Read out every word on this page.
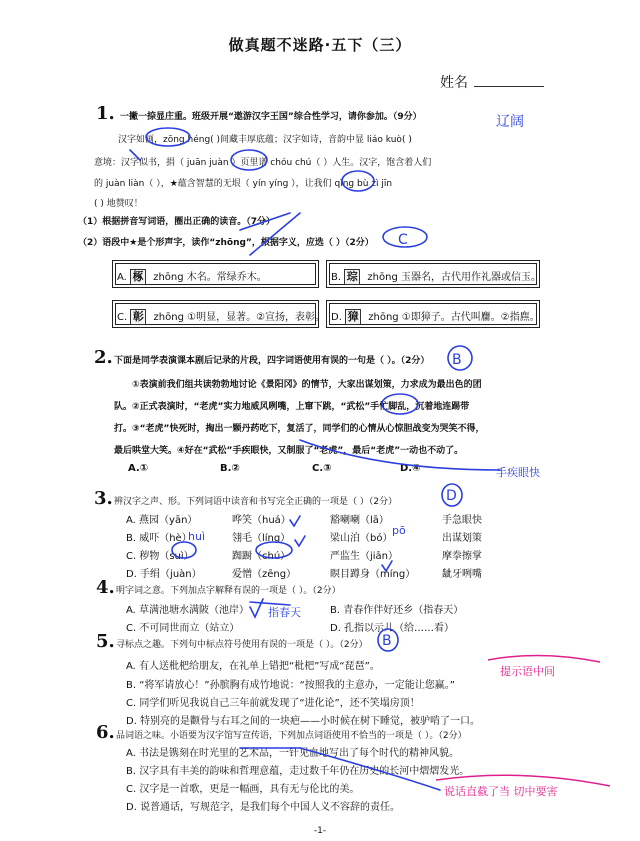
做真题不迷路·五下（三）
姓名
1. 一撇一捺显庄重。班级开展“遨游汉字王国”综合性学习，请你参加。（9分）
汉字如画，zōng héng( )间藏丰厚底蕴；汉字如诗，音韵中显 liáo kuò( )
意境：汉字似书，捐（ juān juàn ）页里谱 chóu chú（ ）人生。汉字，饱含着人们
的 juàn liàn（ ），★蕴含智慧的无垠（ yín yíng ），让我们 qīng bù zì jīn
( ) 地赞叹！
（1）根据拼音写词语，圈出正确的读音。（7分）
（2）语段中★是个形声字，读作“zhōng”，根据字义，应选（ ）（2分）
A. 椓 zhōng 木名。常绿乔木。	B. 琮 zhōng 玉器名，古代用作礼器或信玉。
C. 彰 zhōng ①明显，显著。②宣扬，表彰。 D. 獐 zhōng ①即獐子。古代叫麕。②指麃。
2. 下面是同学表演课本剧后记录的片段，四字词语使用有误的一句是（ ）。（2分）
①表演前我们组共读勃勃地讨论《景阳冈》的情节，大家出谋划策，力求成为最出色的团
队。②正式表演时，“老虎”实力地威风咧嘴，上窜下跳，“武松”手忙脚乱，沉着地连踢带
打。③“老虎”快死时，掏出一颗丹药吃下，复活了，同学们的心情从心惊胆战变为哭笑不得，
最后哄堂大笑。④好在“武松”手疾眼快，又制服了“老虎”，最后“老虎”一动也不动了。
A.①	B.②	C.③	D.④
3. 辨汉字之声、形。下列词语中读音和书写完全正确的一项是（ ）（2分）
A. 燕园（yān）	哗笑（huá）	豁喇喇（lā）	手急眼快
B. 威吓（hè）	翎毛（líng）	梁山泊（bó）	出谋划策
C. 秽物（suì）	踟蹰（chú）	严监生（jiān）	摩拳擦掌
D. 手绢（juàn）	爱憎（zēng）	瞑目蹲身（míng）	龇牙咧嘴
4. 明字词之意。下列加点字解释有误的一项是（ ）。（2分）
A. 草满池塘水满陂（池岸）	B. 青春作伴好还乡（指春天）
C. 不可同世而立（站立）	D. 孔指以示儿（给……看）
5. 寻标点之趣。下列句中标点符号使用有误的一项是（ ）。（2分）
A. 有人送枇杷给朋友，在礼单上错把“枇杷”写成“琵琶”。
B. “将军请放心！”孙膑胸有成竹地说：“按照我的主意办，一定能让您赢。”
C. 同学们听见我说自己三年前就发现了“进化论”，还不笑塌房顶！
D. 特别亮的是颧骨与右耳之间的一块疤——小时候在树下睡觉，被驴啃了一口。
6. 品词语之味。小语要为汉字馆写宣传语，下列加点词语使用不恰当的一项是（ ）。（2分）
A. 书法是镌刻在时光里的艺术品，一针见血地写出了每个时代的精神风貌。
B. 汉字具有丰美的韵味和哲理意蕴，走过数千年仍在历史的长河中熠熠发光。
C. 汉字是一首歌，更是一幅画，具有无与伦比的美。
D. 说普通话，写规范字，是我们每个中国人义不容辞的责任。
-1-
辽阔
C
B
D
B
pō
huì
指春天
手疾眼快
提示语中间
说话直截了当 切中要害
